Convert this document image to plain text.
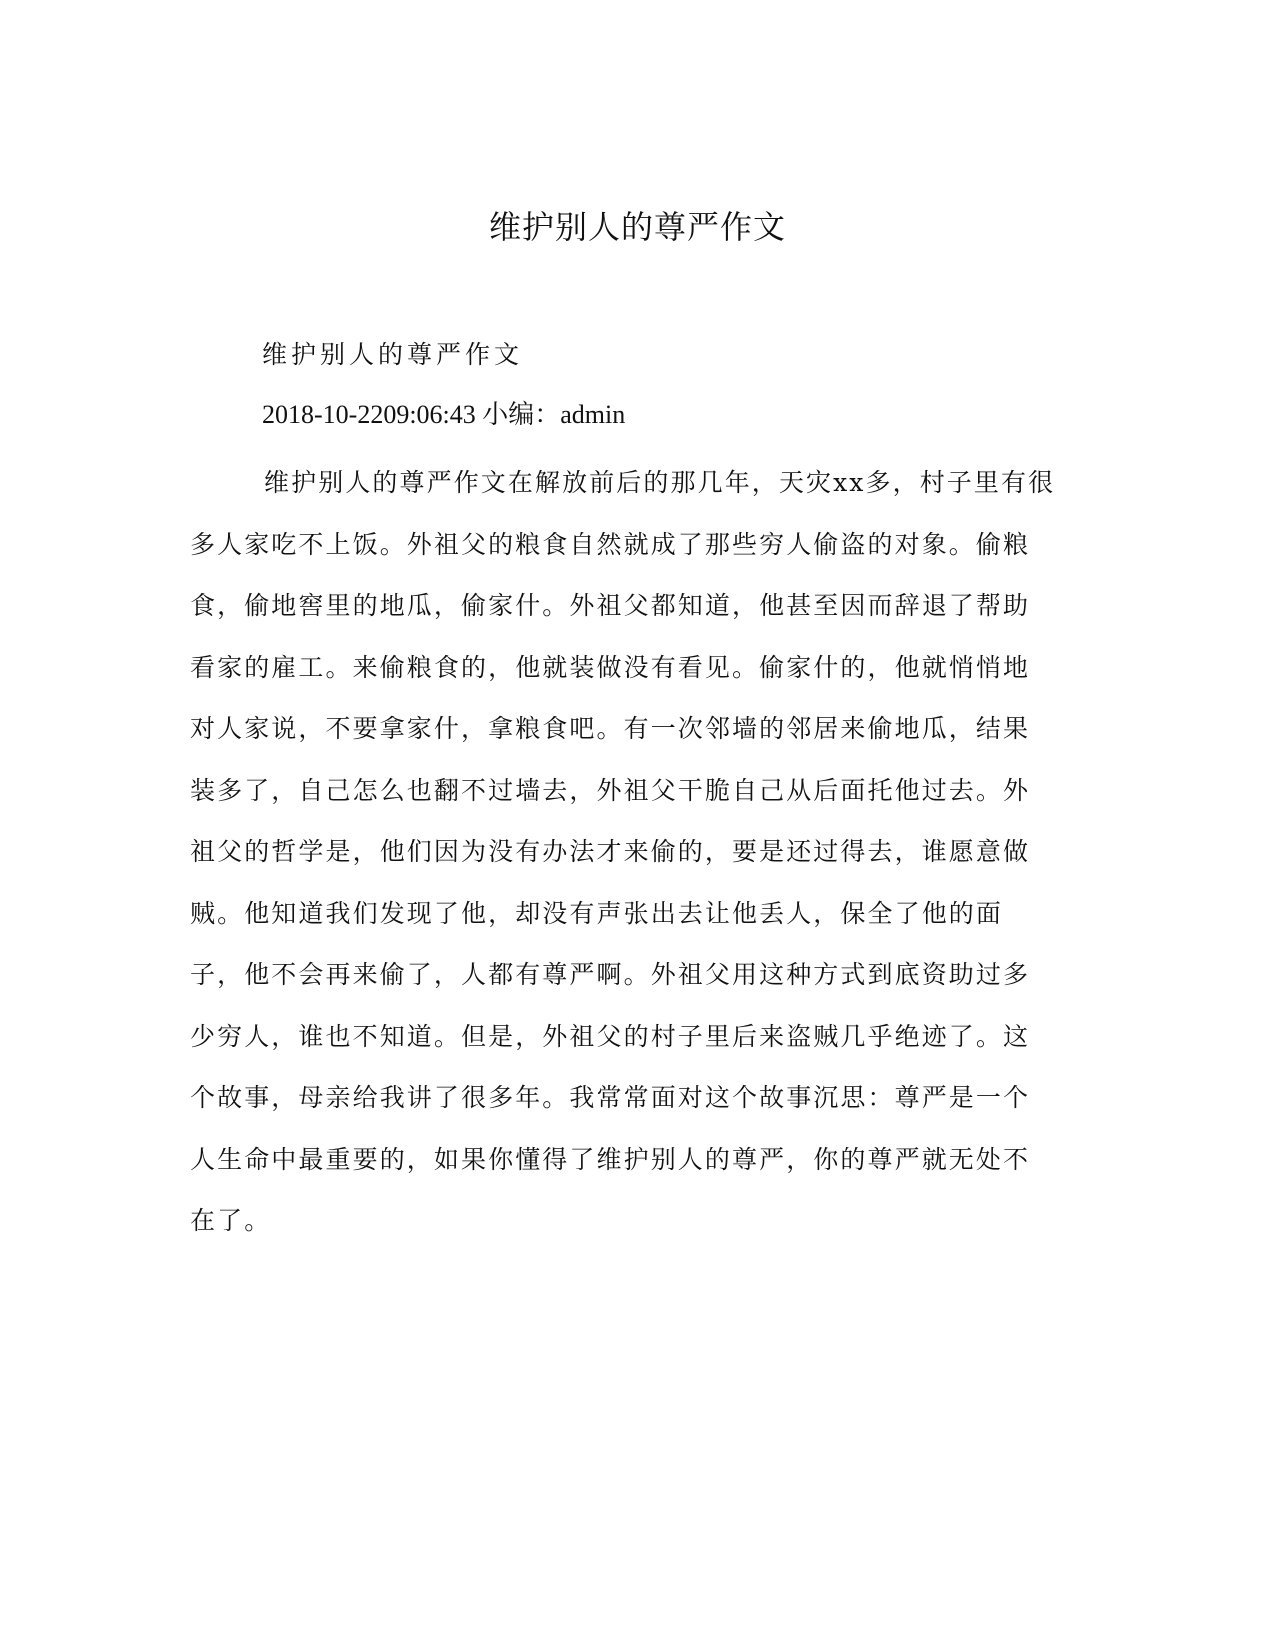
维护别人的尊严作文

维护别人的尊严作文

2018-10-2209:06:43 小编：admin

维护别人的尊严作文在解放前后的那几年，天灾xx多，村子里有很多人家吃不上饭。外祖父的粮食自然就成了那些穷人偷盗的对象。偷粮食，偷地窖里的地瓜，偷家什。外祖父都知道，他甚至因而辞退了帮助看家的雇工。来偷粮食的，他就装做没有看见。偷家什的，他就悄悄地对人家说，不要拿家什，拿粮食吧。有一次邻墙的邻居来偷地瓜，结果装多了，自己怎么也翻不过墙去，外祖父干脆自己从后面托他过去。外祖父的哲学是，他们因为没有办法才来偷的，要是还过得去，谁愿意做贼。他知道我们发现了他，却没有声张出去让他丢人，保全了他的面子，他不会再来偷了，人都有尊严啊。外祖父用这种方式到底资助过多少穷人，谁也不知道。但是，外祖父的村子里后来盗贼几乎绝迹了。这个故事，母亲给我讲了很多年。我常常面对这个故事沉思：尊严是一个人生命中最重要的，如果你懂得了维护别人的尊严，你的尊严就无处不在了。
